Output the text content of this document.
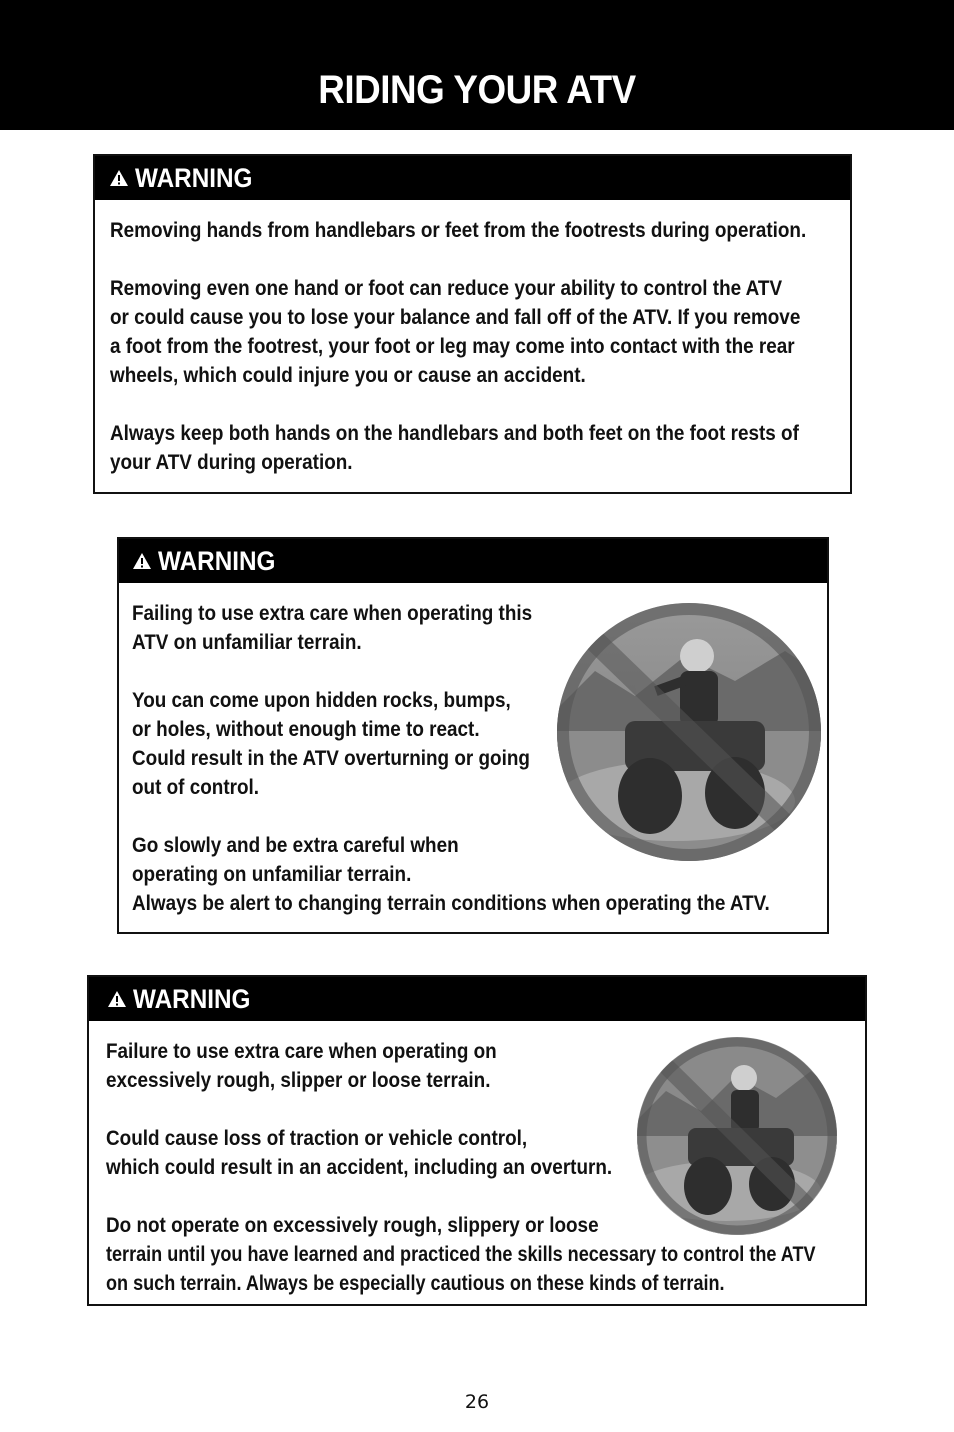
RIDING YOUR ATV
WARNING

Removing hands from handlebars or feet from the footrests during operation.

Removing even one hand or foot can reduce your ability to control the ATV

or could cause you to lose your balance and fall off of the ATV. If you remove

a foot from the footrest, your foot or leg may come into contact with the rear

wheels, which could injure you or cause an accident.

Always keep both hands on the handlebars and both feet on the foot rests of

your ATV during operation.

WARNING

Failing to use extra care when operating this

ATV on unfamiliar terrain.

You can come upon hidden rocks, bumps,

or holes, without enough time to react.

Could result in the ATV overturning or going

out of control.

Go slowly and be extra careful when

operating on unfamiliar terrain.

Always be alert to changing terrain conditions when operating the ATV.

WARNING

Failure to use extra care when operating on

excessively rough, slipper or loose terrain.

Could cause loss of traction or vehicle control,

which could result in an accident, including an overturn.

Do not operate on excessively rough, slippery or loose

terrain until you have learned and practiced the skills necessary to control the ATV

on such terrain. Always be especially cautious on these kinds of terrain.

26
